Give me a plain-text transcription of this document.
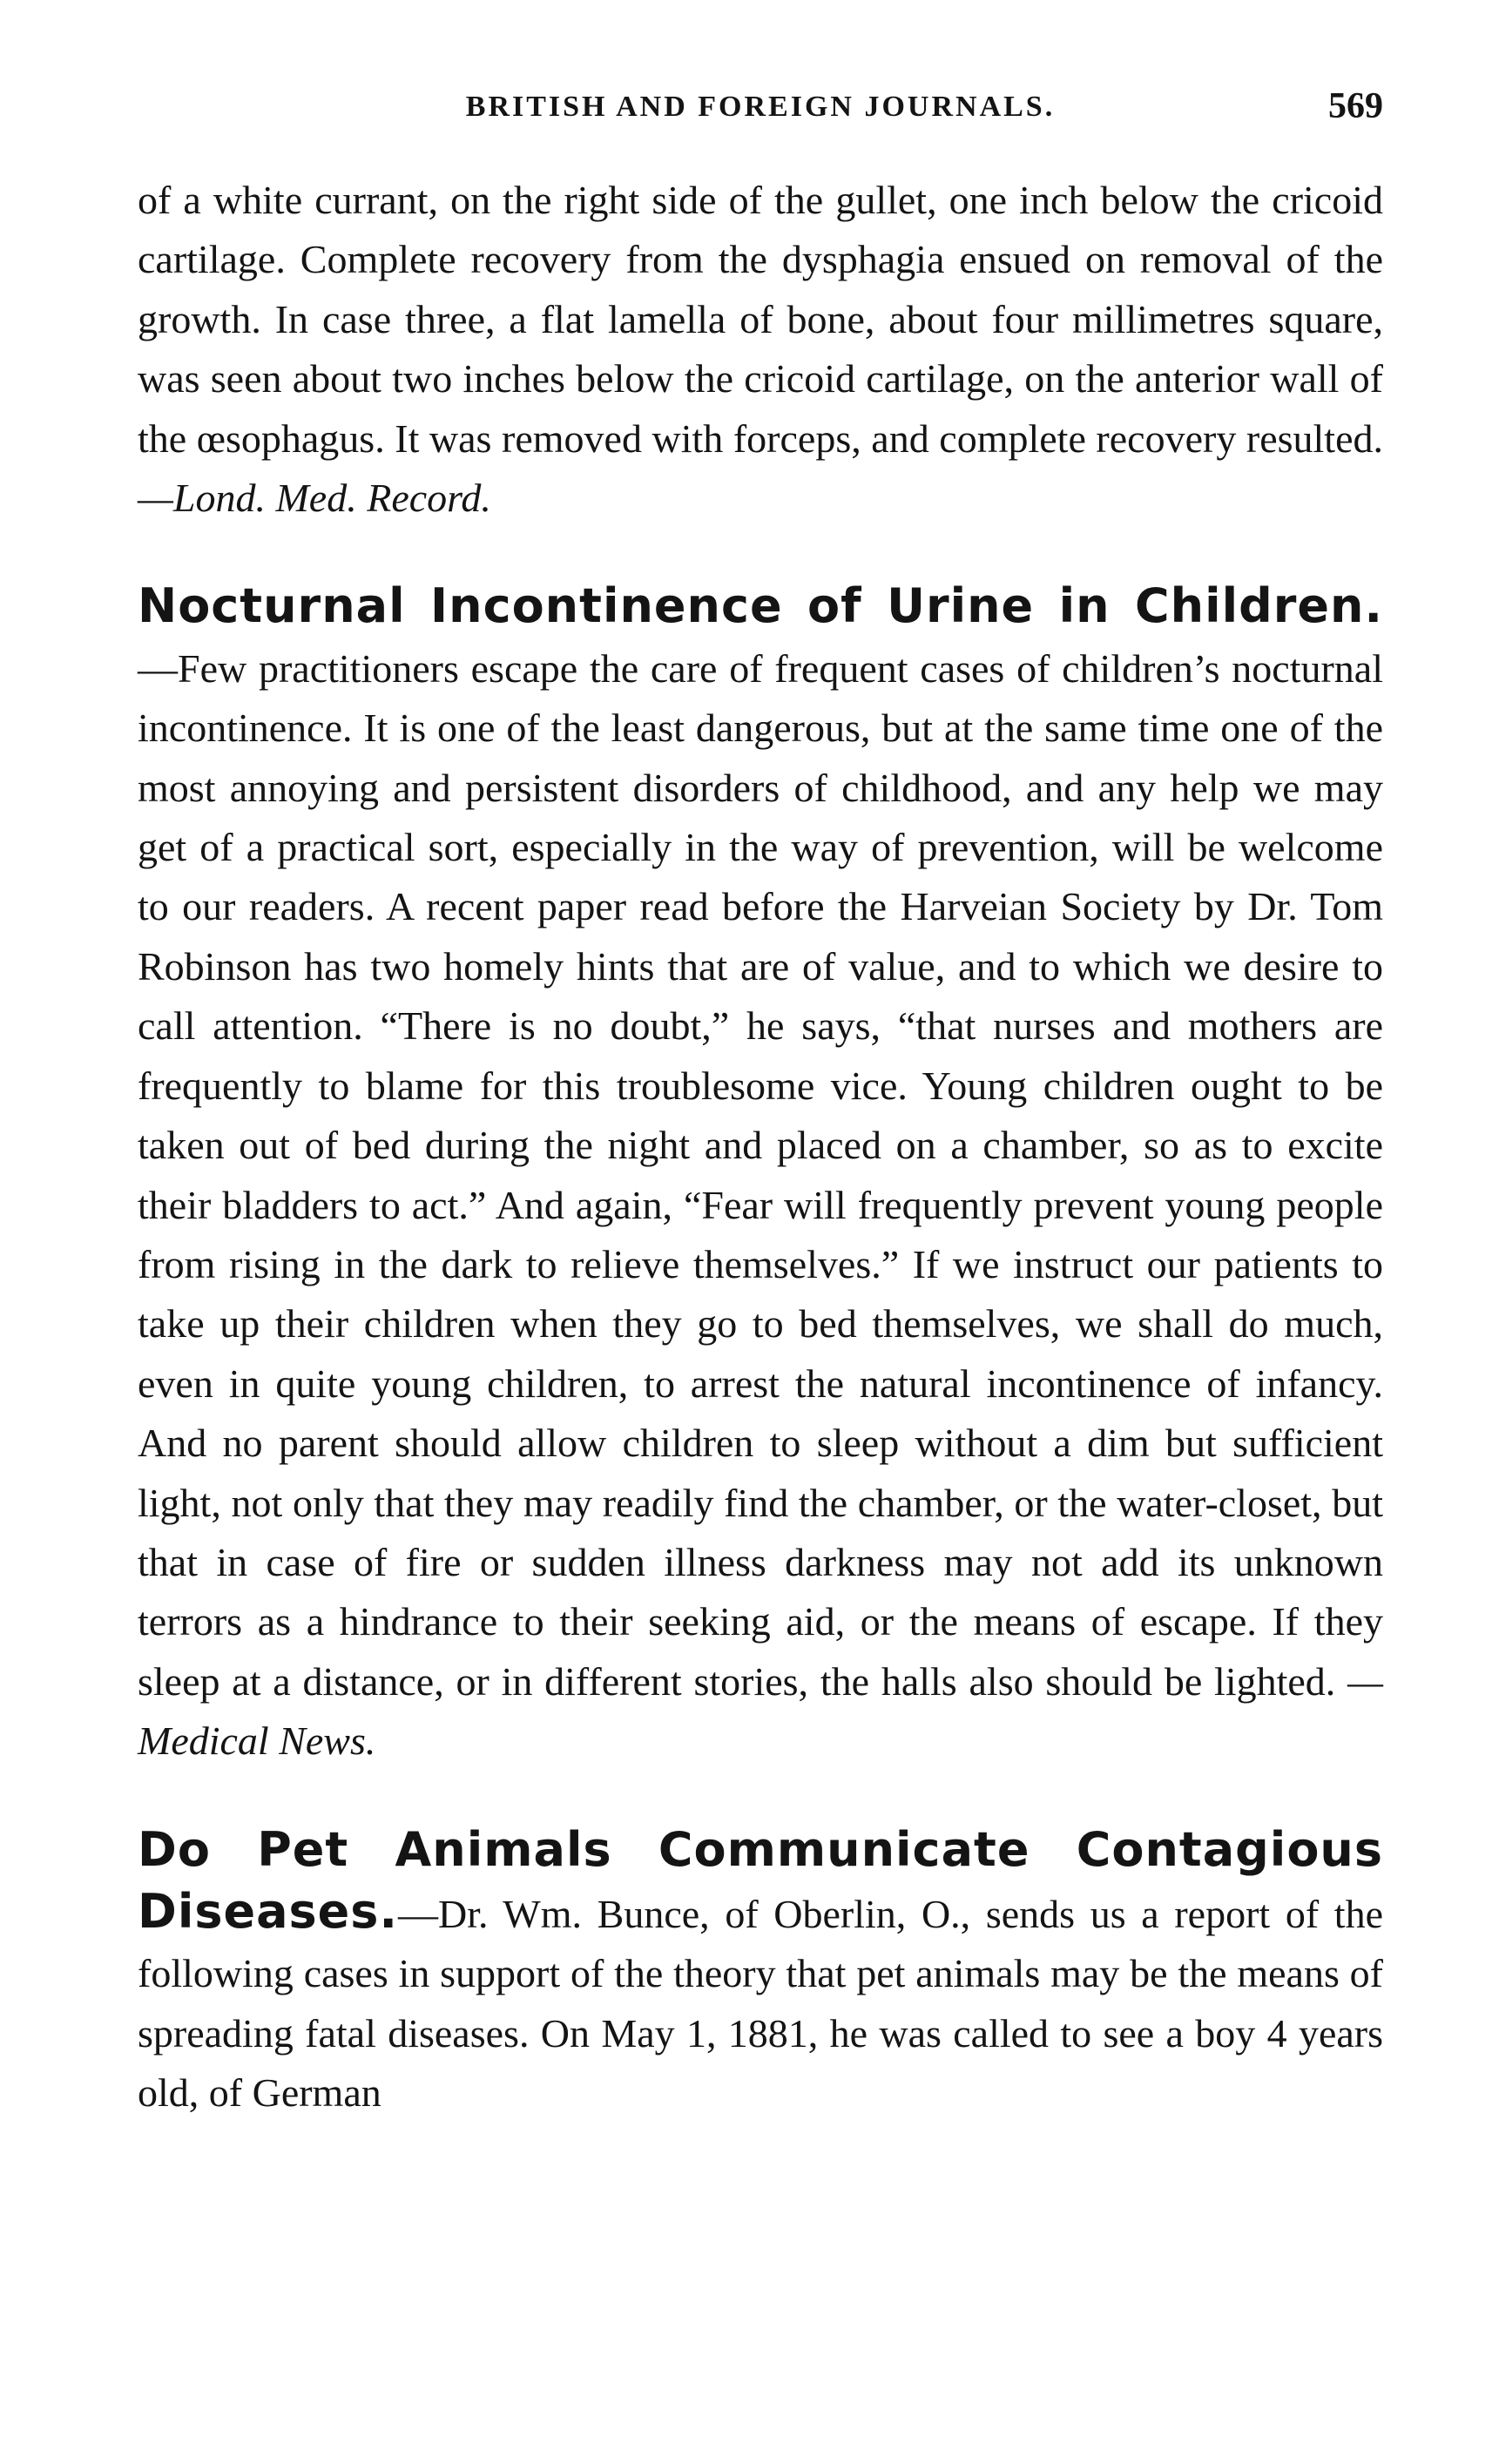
BRITISH AND FOREIGN JOURNALS.	569

of a white currant, on the right side of the gullet, one inch below the cricoid cartilage. Complete recovery from the dysphagia ensued on removal of the growth. In case three, a flat lamella of bone, about four millimetres square, was seen about two inches below the cricoid cartilage, on the anterior wall of the œsophagus. It was removed with forceps, and complete recovery resulted.—Lond. Med. Record.

Nocturnal Incontinence of Urine in Children.—Few practitioners escape the care of frequent cases of children’s nocturnal incontinence. It is one of the least dangerous, but at the same time one of the most annoying and persistent disorders of childhood, and any help we may get of a practical sort, especially in the way of prevention, will be welcome to our readers. A recent paper read before the Harveian Society by Dr. Tom Robinson has two homely hints that are of value, and to which we desire to call attention. “There is no doubt,” he says, “that nurses and mothers are frequently to blame for this troublesome vice. Young children ought to be taken out of bed during the night and placed on a chamber, so as to excite their bladders to act.” And again, “Fear will frequently prevent young people from rising in the dark to relieve themselves.” If we instruct our patients to take up their children when they go to bed themselves, we shall do much, even in quite young children, to arrest the natural incontinence of infancy. And no parent should allow children to sleep without a dim but sufficient light, not only that they may readily find the chamber, or the water-closet, but that in case of fire or sudden illness darkness may not add its unknown terrors as a hindrance to their seeking aid, or the means of escape. If they sleep at a distance, or in different stories, the halls also should be lighted. —Medical News.

Do Pet Animals Communicate Contagious Diseases.—Dr. Wm. Bunce, of Oberlin, O., sends us a report of the following cases in support of the theory that pet animals may be the means of spreading fatal diseases. On May 1, 1881, he was called to see a boy 4 years old, of German
